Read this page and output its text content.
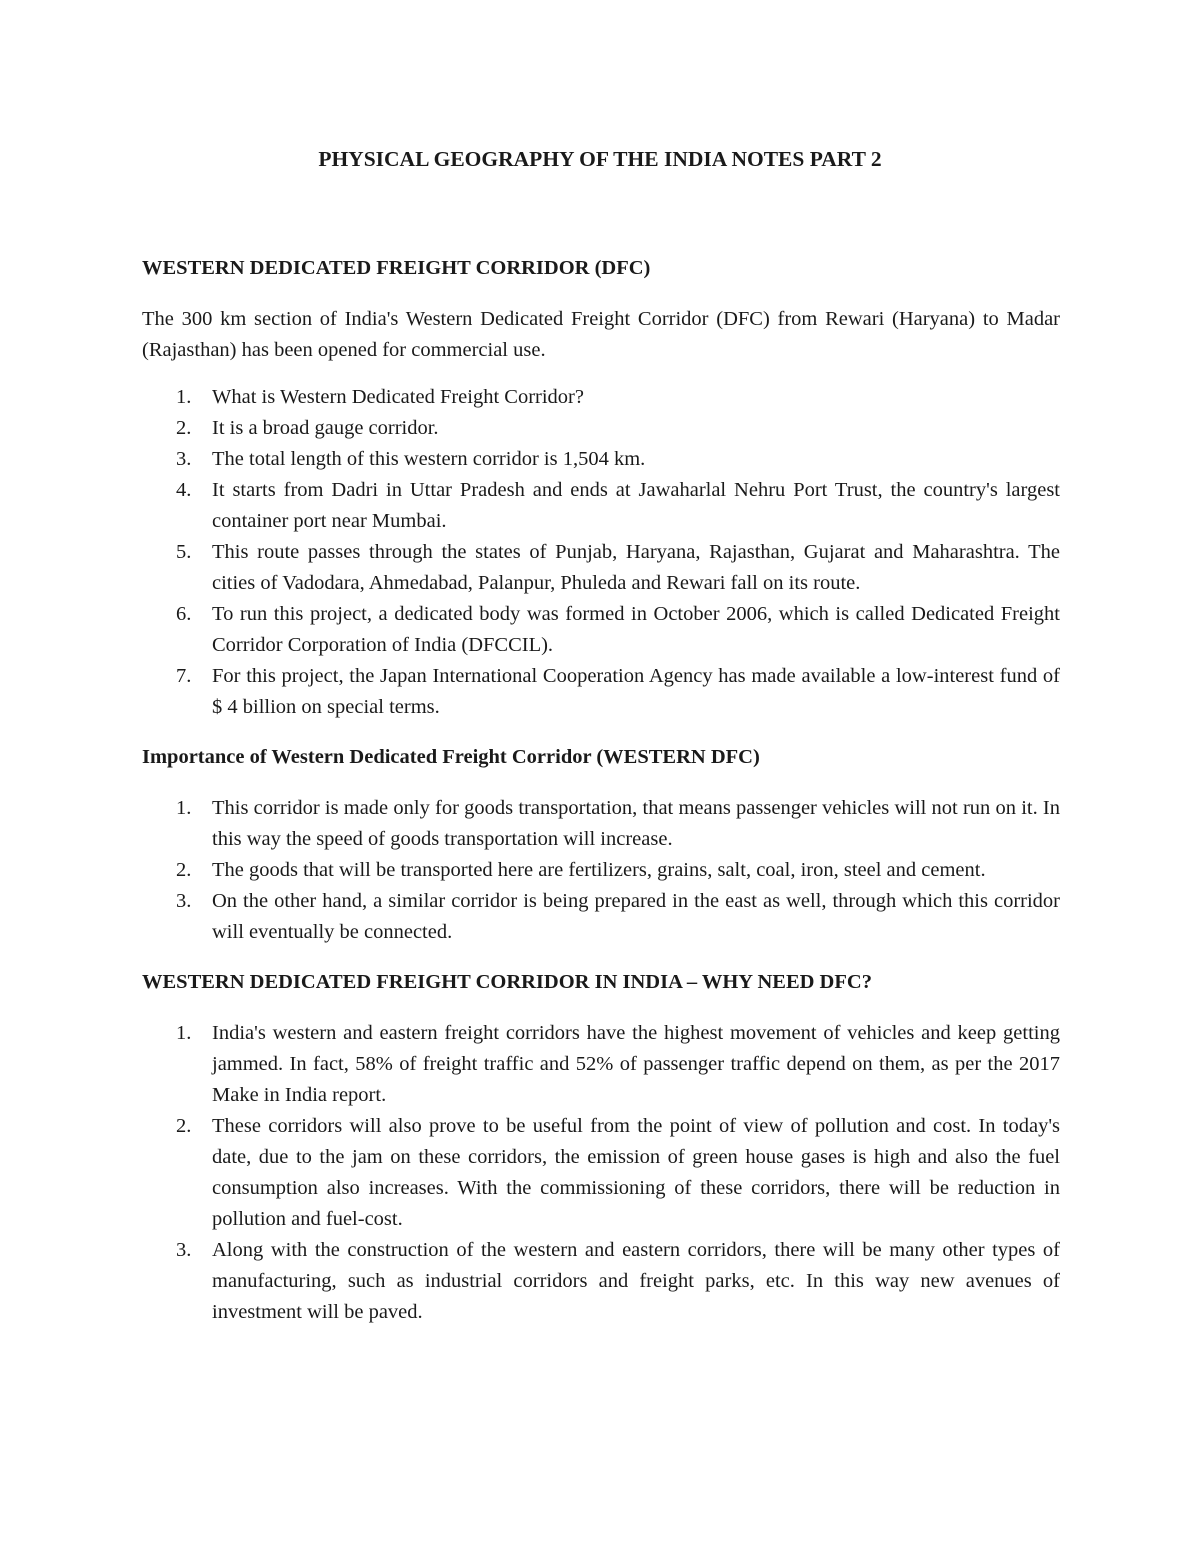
PHYSICAL GEOGRAPHY OF THE INDIA NOTES PART 2

WESTERN DEDICATED FREIGHT CORRIDOR (DFC)

The 300 km section of India's Western Dedicated Freight Corridor (DFC) from Rewari (Haryana) to Madar (Rajasthan) has been opened for commercial use.

1. What is Western Dedicated Freight Corridor?
2. It is a broad gauge corridor.
3. The total length of this western corridor is 1,504 km.
4. It starts from Dadri in Uttar Pradesh and ends at Jawaharlal Nehru Port Trust, the country's largest container port near Mumbai.
5. This route passes through the states of Punjab, Haryana, Rajasthan, Gujarat and Maharashtra. The cities of Vadodara, Ahmedabad, Palanpur, Phuleda and Rewari fall on its route.
6. To run this project, a dedicated body was formed in October 2006, which is called Dedicated Freight Corridor Corporation of India (DFCCIL).
7. For this project, the Japan International Cooperation Agency has made available a low-interest fund of $ 4 billion on special terms.

Importance of Western Dedicated Freight Corridor (WESTERN DFC)

1. This corridor is made only for goods transportation, that means passenger vehicles will not run on it. In this way the speed of goods transportation will increase.
2. The goods that will be transported here are fertilizers, grains, salt, coal, iron, steel and cement.
3. On the other hand, a similar corridor is being prepared in the east as well, through which this corridor will eventually be connected.

WESTERN DEDICATED FREIGHT CORRIDOR IN INDIA – WHY NEED DFC?

1. India's western and eastern freight corridors have the highest movement of vehicles and keep getting jammed. In fact, 58% of freight traffic and 52% of passenger traffic depend on them, as per the 2017 Make in India report.
2. These corridors will also prove to be useful from the point of view of pollution and cost. In today's date, due to the jam on these corridors, the emission of green house gases is high and also the fuel consumption also increases. With the commissioning of these corridors, there will be reduction in pollution and fuel-cost.
3. Along with the construction of the western and eastern corridors, there will be many other types of manufacturing, such as industrial corridors and freight parks, etc. In this way new avenues of investment will be paved.
